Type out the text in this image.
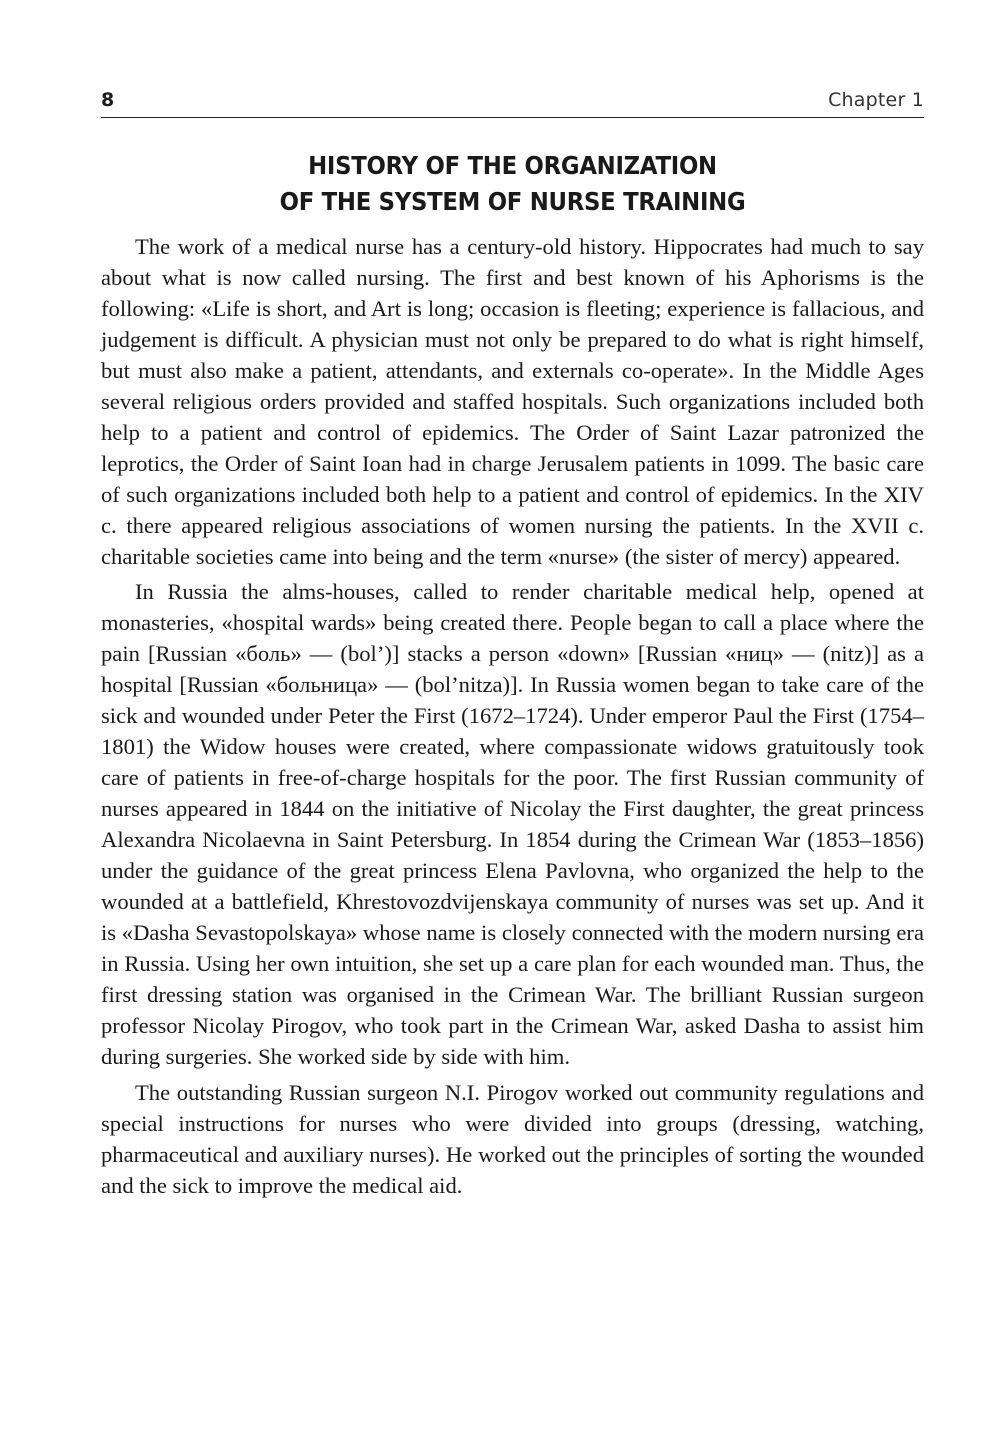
8	Chapter 1
HISTORY OF THE ORGANIZATION
OF THE SYSTEM OF NURSE TRAINING

The work of a medical nurse has a century-old history. Hippocrates had much to say about what is now called nursing. The first and best known of his Aphorisms is the following: «Life is short, and Art is long; occasion is fleeting; experience is fallacious, and judgement is difficult. A physician must not only be prepared to do what is right himself, but must also make a patient, attendants, and externals co-operate». In the Middle Ages several religious orders provided and staffed hospitals. Such organizations included both help to a patient and control of epidemics. The Order of Saint Lazar patronized the leprotics, the Order of Saint Ioan had in charge Jerusalem patients in 1099. The basic care of such organizations included both help to a patient and control of epidemics. In the XIV c. there appeared religious associations of women nursing the patients. In the XVII c. charitable societies came into being and the term «nurse» (the sister of mercy) appeared.

In Russia the alms-houses, called to render charitable medical help, opened at monasteries, «hospital wards» being created there. People began to call a place where the pain [Russian «боль» — (bol’)] stacks a person «down» [Russian «ниц» — (nitz)] as a hospital [Russian «больница» — (bol’nitza)]. In Russia women began to take care of the sick and wounded under Peter the First (1672–1724). Under emperor Paul the First (1754–1801) the Widow houses were created, where compassionate widows gratuitously took care of patients in free-of-charge hospitals for the poor. The first Russian community of nurses appeared in 1844 on the initiative of Nicolay the First daughter, the great princess Alexandra Nicolaevna in Saint Petersburg. In 1854 during the Crimean War (1853–1856) under the guidance of the great princess Elena Pavlovna, who organized the help to the wounded at a battlefield, Khrestovozdvijenskaya community of nurses was set up. And it is «Dasha Sevastopolskaya» whose name is closely connected with the modern nursing era in Russia. Using her own intuition, she set up a care plan for each wounded man. Thus, the first dressing station was organised in the Crimean War. The brilliant Russian surgeon professor Nicolay Pirogov, who took part in the Crimean War, asked Dasha to assist him during surgeries. She worked side by side with him.

The outstanding Russian surgeon N.I. Pirogov worked out community regulations and special instructions for nurses who were divided into groups (dressing, watching, pharmaceutical and auxiliary nurses). He worked out the principles of sorting the wounded and the sick to improve the medical aid.
